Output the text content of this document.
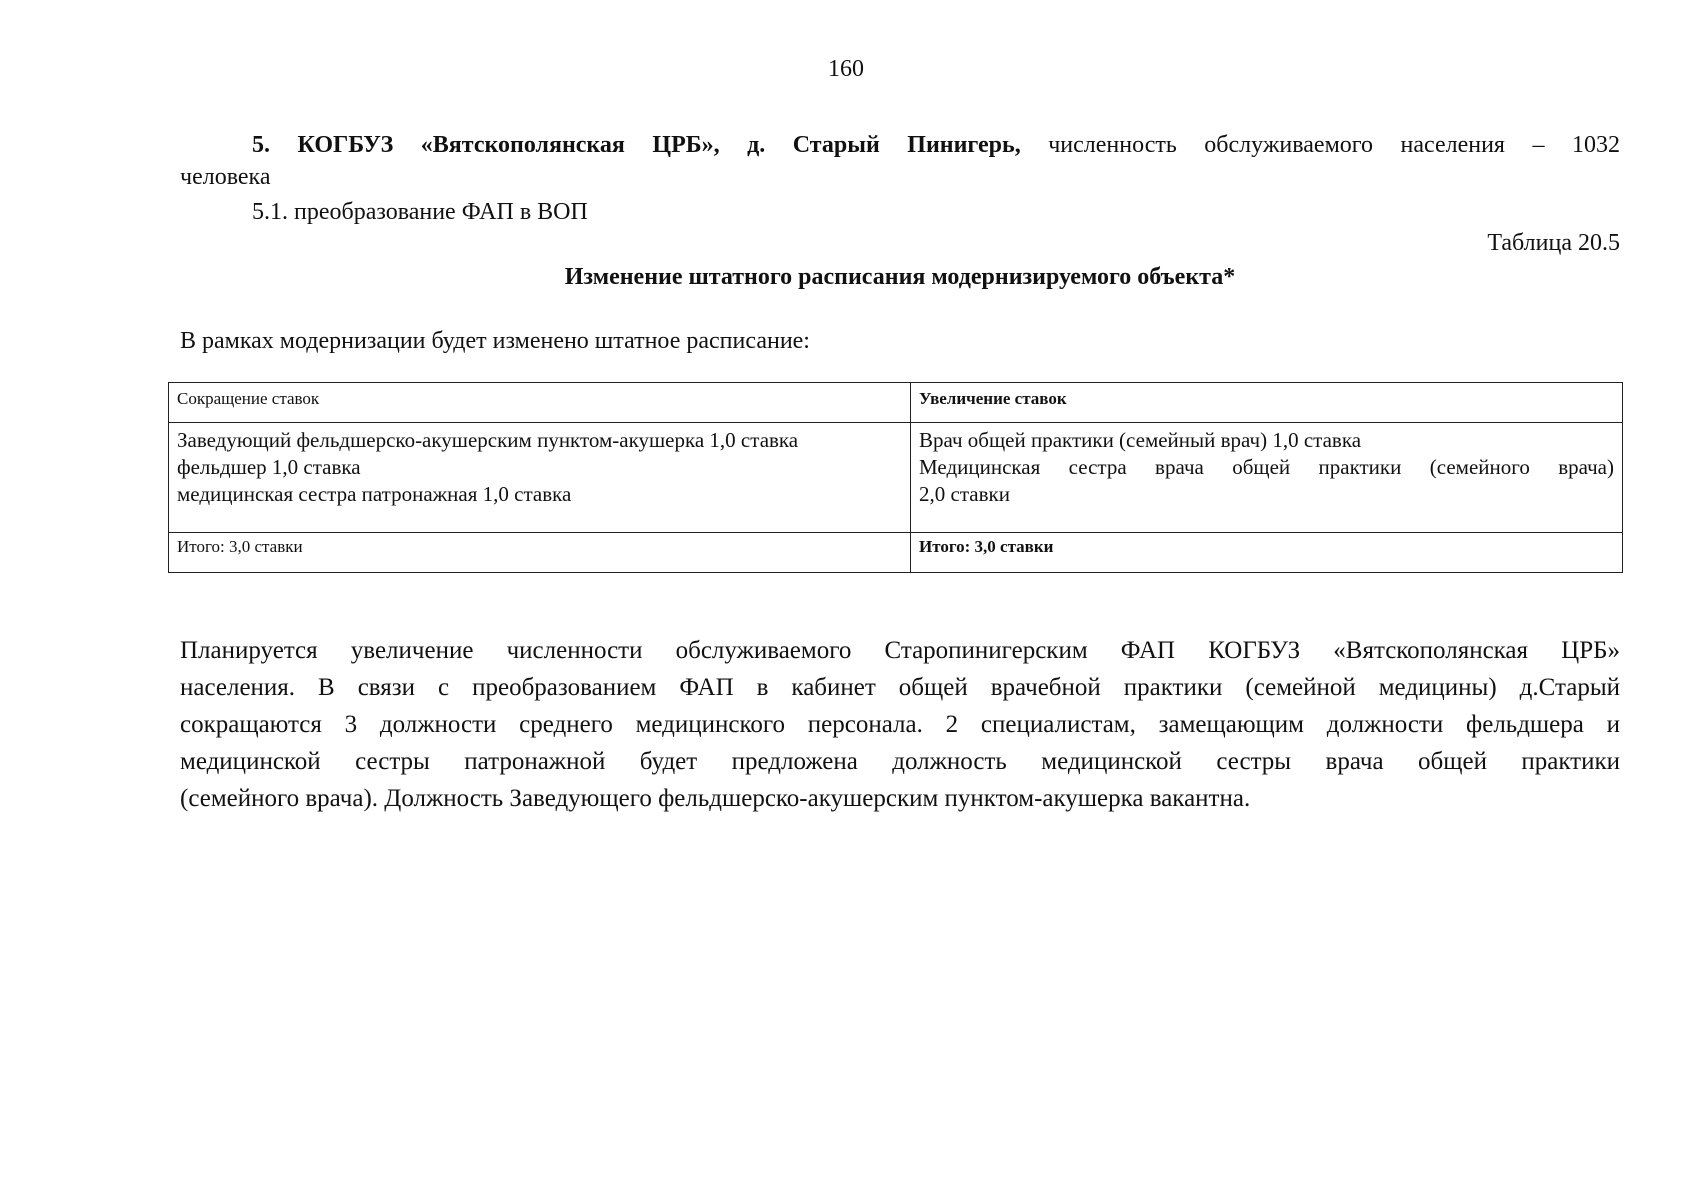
160
5. КОГБУЗ «Вятскополянская ЦРБ», д. Старый Пинигерь, численность обслуживаемого населения – 1032
человека
5.1. преобразование ФАП в ВОП
Таблица 20.5
Изменение штатного расписания модернизируемого объекта*
В рамках модернизации будет изменено штатное расписание:
Сокращение ставок	Увеличение ставок

Заведующий фельдшерско-акушерским пунктом-акушерка 1,0 ставка
фельдшер 1,0 ставка
медицинская сестра патронажная 1,0 ставка	Врач общей практики (семейный врач) 1,0 ставка
Медицинская сестра врача общей практики (семейного врача)
2,0 ставки

Итого: 3,0 ставки	Итого: 3,0 ставки
Планируется увеличение численности обслуживаемого Старопинигерским ФАП КОГБУЗ «Вятскополянская ЦРБ»
населения. В связи с преобразованием ФАП в кабинет общей врачебной практики (семейной медицины) д.Старый
сокращаются 3 должности среднего медицинского персонала. 2 специалистам, замещающим должности фельдшера и
медицинской сестры патронажной будет предложена должность медицинской сестры врача общей практики
(семейного врача). Должность Заведующего фельдшерско-акушерским пунктом-акушерка вакантна.
